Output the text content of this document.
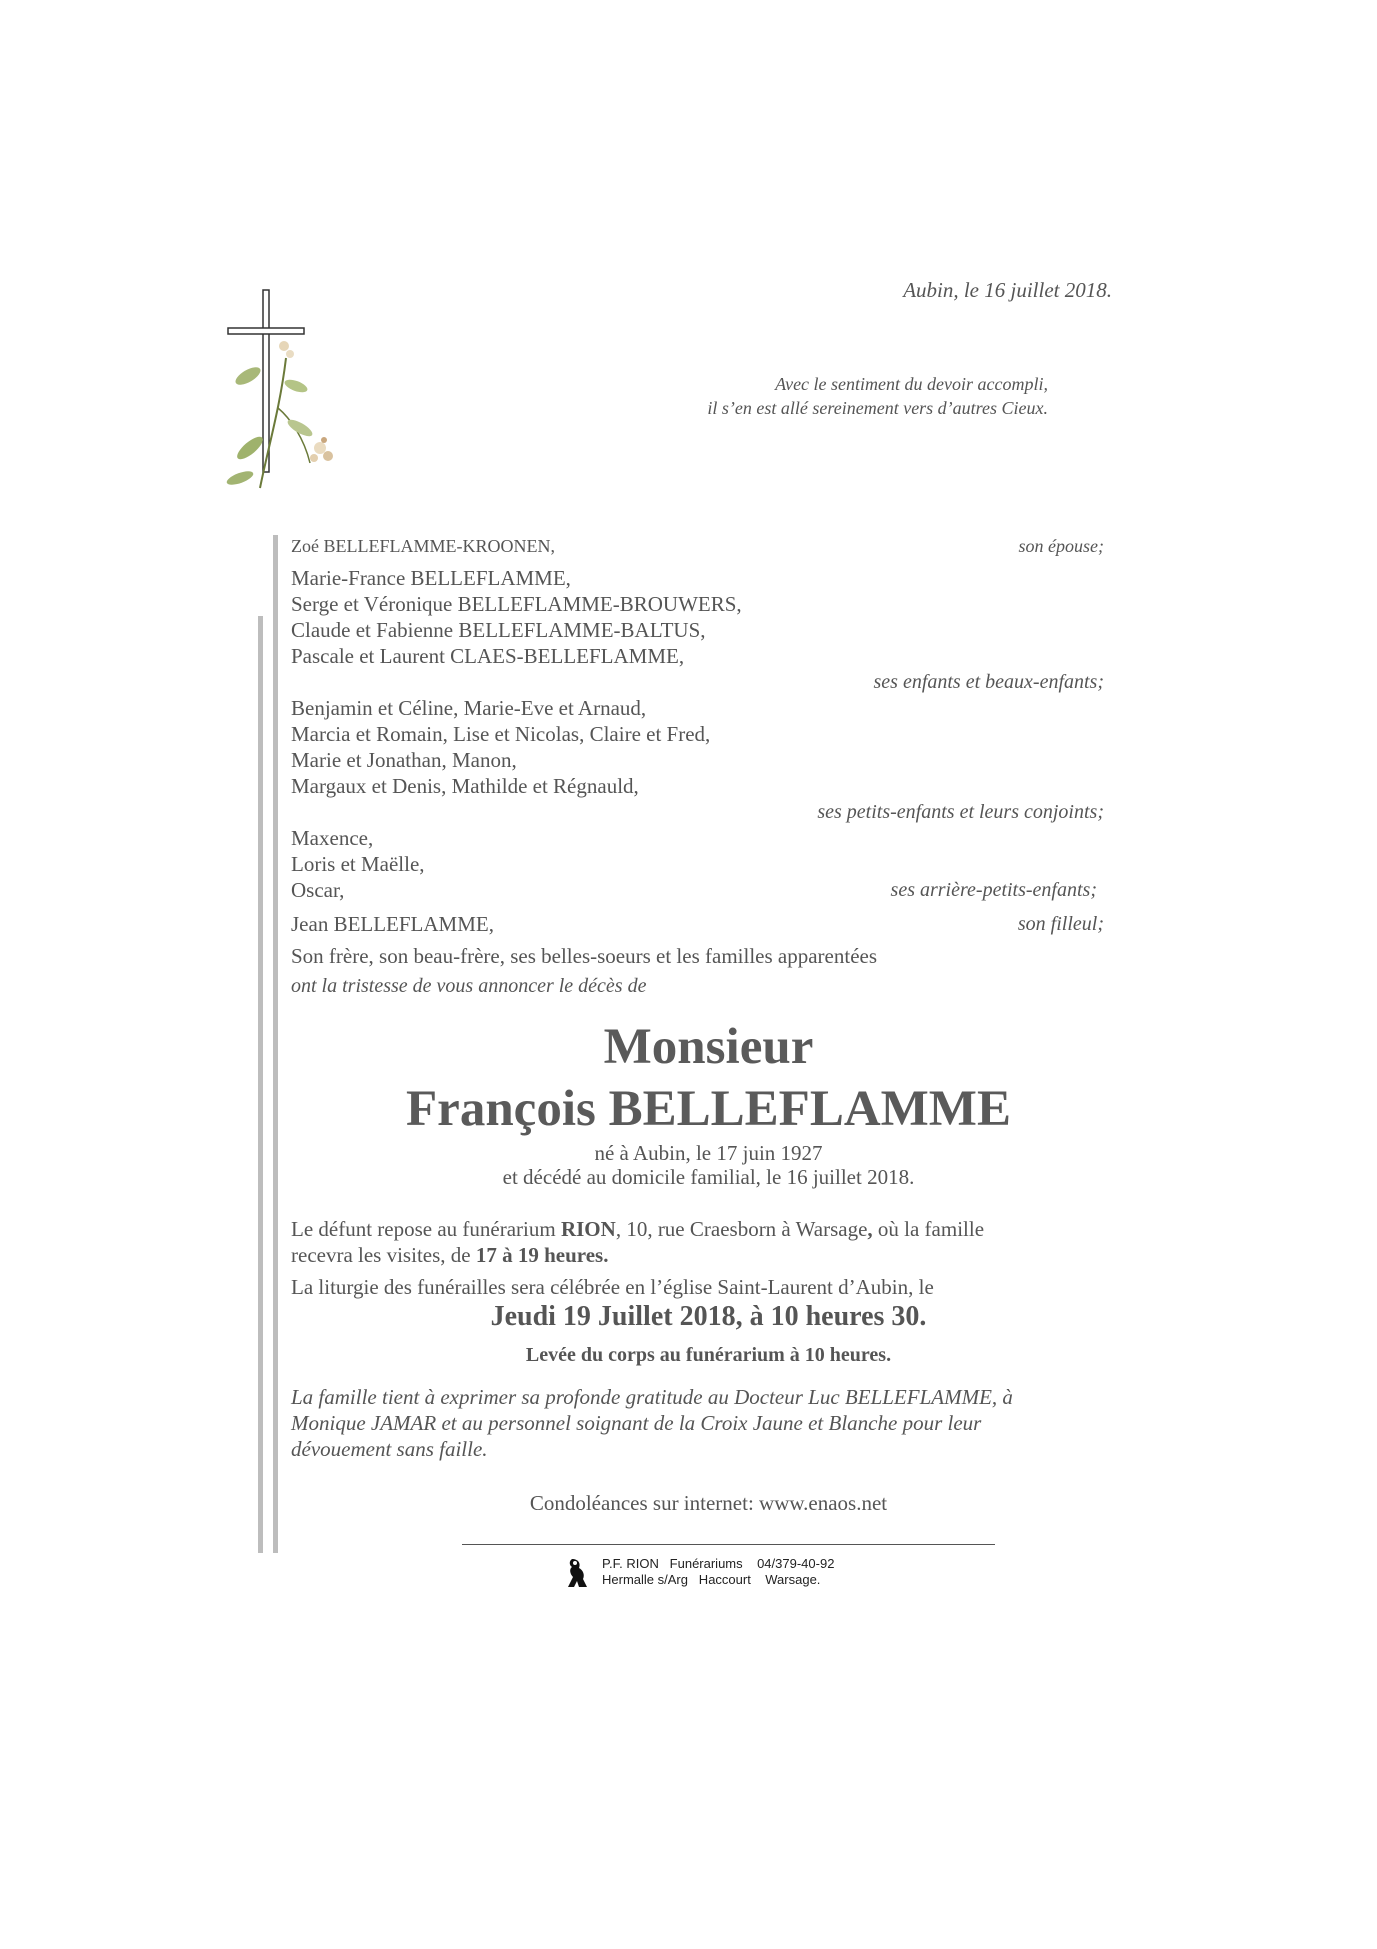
Aubin, le 16 juillet 2018.
Avec le sentiment du devoir accompli,
il s’en est allé sereinement vers d’autres Cieux.
Zoé BELLEFLAMME-KROONEN,	son épouse;
Marie-France BELLEFLAMME,
Serge et Véronique BELLEFLAMME-BROUWERS,
Claude et Fabienne BELLEFLAMME-BALTUS,
Pascale et Laurent CLAES-BELLEFLAMME,
ses enfants et beaux-enfants;
Benjamin et Céline, Marie-Eve et Arnaud,
Marcia et Romain, Lise et Nicolas, Claire et Fred,
Marie et Jonathan, Manon,
Margaux et Denis, Mathilde et Régnauld,
ses petits-enfants et leurs conjoints;
Maxence,
Loris et Maëlle,
Oscar,	ses arrière-petits-enfants;
Jean BELLEFLAMME,	son filleul;
Son frère, son beau-frère, ses belles-soeurs et les familles apparentées
ont la tristesse de vous annoncer le décès de
Monsieur
François BELLEFLAMME
né à Aubin, le 17 juin 1927
et décédé au domicile familial, le 16 juillet 2018.
Le défunt repose au funérarium RION, 10, rue Craesborn à Warsage, où la famille
recevra les visites, de 17 à 19 heures.
La liturgie des funérailles sera célébrée en l’église Saint-Laurent d’Aubin, le
Jeudi 19 Juillet 2018, à 10 heures 30.
Levée du corps au funérarium à 10 heures.
La famille tient à exprimer sa profonde gratitude au Docteur Luc BELLEFLAMME, à
Monique JAMAR et au personnel soignant de la Croix Jaune et Blanche pour leur
dévouement sans faille.
Condoléances sur internet: www.enaos.net
P.F. RION   Funérariums    04/379-40-92
Hermalle s/Arg   Haccourt    Warsage.
